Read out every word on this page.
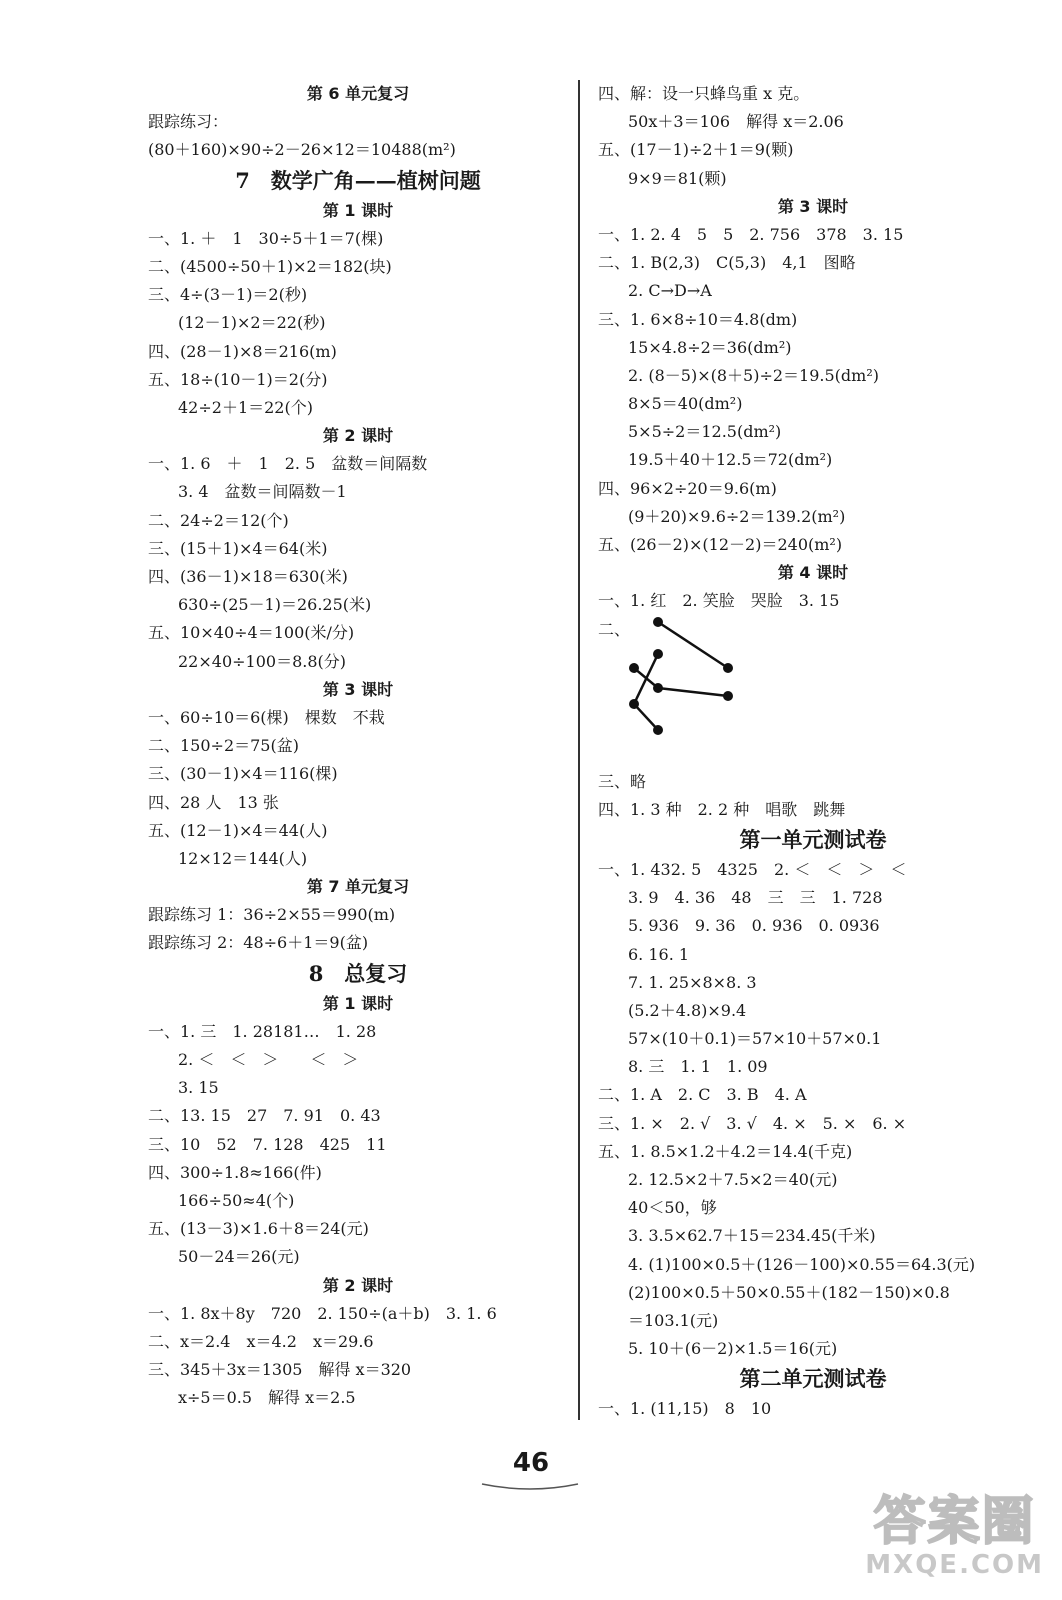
第 6 单元复习
跟踪练习：
(80＋160)×90÷2－26×12＝10488(m²)
7　数学广角——植树问题
第 1 课时
一、1. ＋　1　30÷5＋1＝7(棵)
二、(4500÷50＋1)×2＝182(块)
三、4÷(3－1)＝2(秒)
(12－1)×2＝22(秒)
四、(28－1)×8＝216(m)
五、18÷(10－1)＝2(分)
42÷2＋1＝22(个)
第 2 课时
一、1. 6　＋　1　2. 5　盆数＝间隔数
3. 4　盆数＝间隔数－1
二、24÷2＝12(个)
三、(15＋1)×4＝64(米)
四、(36－1)×18＝630(米)
630÷(25－1)＝26.25(米)
五、10×40÷4＝100(米/分)
22×40÷100＝8.8(分)
第 3 课时
一、60÷10＝6(棵)　棵数　不栽
二、150÷2＝75(盆)
三、(30－1)×4＝116(棵)
四、28 人　13 张
五、(12－1)×4＝44(人)
12×12＝144(人)
第 7 单元复习
跟踪练习 1：36÷2×55＝990(m)
跟踪练习 2：48÷6＋1＝9(盆)
8　总复习
第 1 课时
一、1. 三　1. 28181…　1. 28
2. ＜　＜　＞　　＜　＞
3. 15
二、13. 15　27　7. 91　0. 43
三、10　52　7. 128　425　11
四、300÷1.8≈166(件)
166÷50≈4(个)
五、(13－3)×1.6＋8＝24(元)
50－24＝26(元)
第 2 课时
一、1. 8x＋8y　720　2. 150÷(a＋b)　3. 1. 6
二、x＝2.4　x＝4.2　x＝29.6
三、345＋3x＝1305　解得 x＝320
x÷5＝0.5　解得 x＝2.5
四、解：设一只蜂鸟重 x 克。
50x＋3＝106　解得 x＝2.06
五、(17－1)÷2＋1＝9(颗)
9×9＝81(颗)
第 3 课时
一、1. 2. 4　5　5　2. 756　378　3. 15
二、1. B(2,3)　C(5,3)　4,1　图略
2. C→D→A
三、1. 6×8÷10＝4.8(dm)
15×4.8÷2＝36(dm²)
2. (8－5)×(8＋5)÷2＝19.5(dm²)
8×5＝40(dm²)
5×5÷2＝12.5(dm²)
19.5＋40＋12.5＝72(dm²)
四、96×2÷20＝9.6(m)
(9＋20)×9.6÷2＝139.2(m²)
五、(26－2)×(12－2)＝240(m²)
第 4 课时
一、1. 红　2. 笑脸　哭脸　3. 15
二、
三、略
四、1. 3 种　2. 2 种　唱歌　跳舞
第一单元测试卷
一、1. 432. 5　4325　2. ＜　＜　＞　＜
3. 9　4. 36　48　三　三　1. 728
5. 936　9. 36　0. 936　0. 0936
6. 16. 1
7. 1. 25×8×8. 3
(5.2＋4.8)×9.4
57×(10＋0.1)＝57×10＋57×0.1
8. 三　1. 1　1. 09
二、1. A　2. C　3. B　4. A
三、1. ×　2. √　3. √　4. ×　5. ×　6. ×
五、1. 8.5×1.2＋4.2＝14.4(千克)
2. 12.5×2＋7.5×2＝40(元)
40＜50，够
3. 3.5×62.7＋15＝234.45(千米)
4. (1)100×0.5＋(126－100)×0.55＝64.3(元)
(2)100×0.5＋50×0.55＋(182－150)×0.8
＝103.1(元)
5. 10＋(6－2)×1.5＝16(元)
第二单元测试卷
一、1. (11,15)　8　10
46
答案圈
MXQE.COM
